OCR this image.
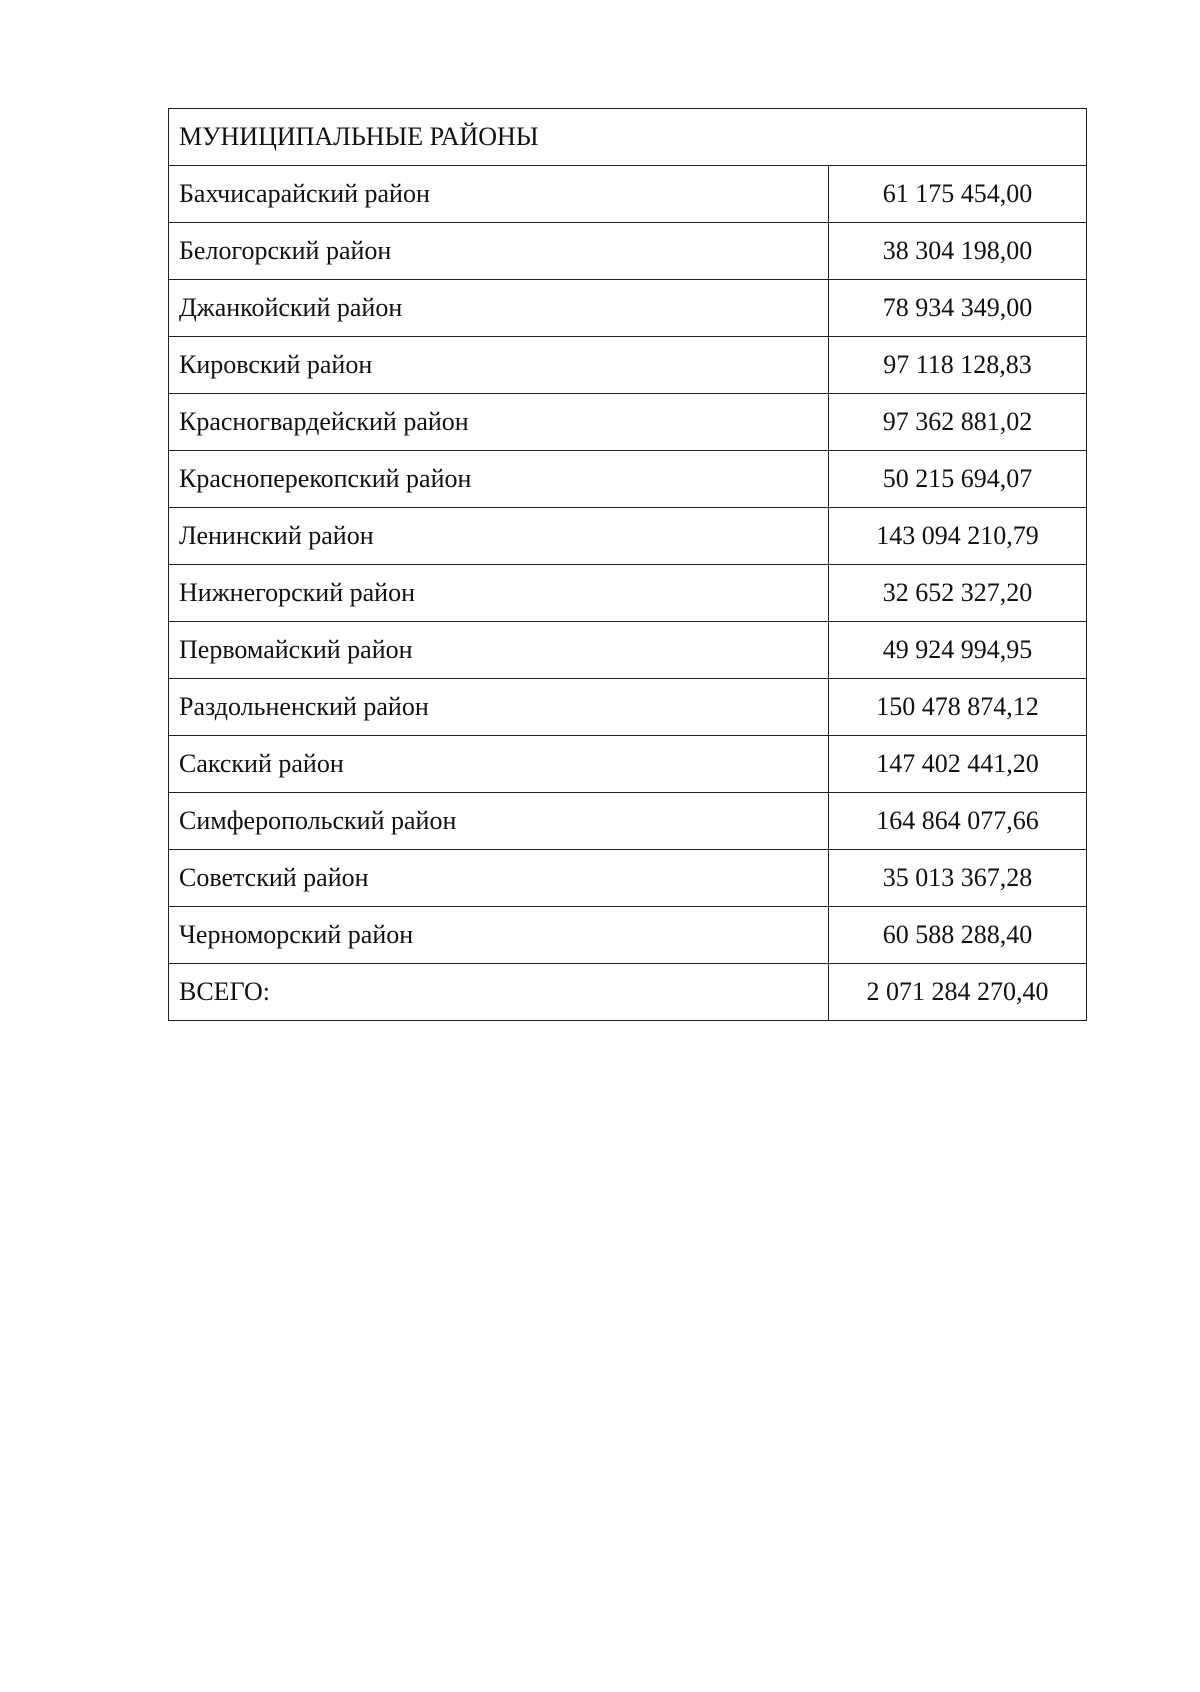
МУНИЦИПАЛЬНЫЕ РАЙОНЫ	
Бахчисарайский район	61 175 454,00
Белогорский район	38 304 198,00
Джанкойский район	78 934 349,00
Кировский район	97 118 128,83
Красногвардейский район	97 362 881,02
Красноперекопский район	50 215 694,07
Ленинский район	143 094 210,79
Нижнегорский район	32 652 327,20
Первомайский район	49 924 994,95
Раздольненский район	150 478 874,12
Сакский район	147 402 441,20
Симферопольский район	164 864 077,66
Советский район	35 013 367,28
Черноморский район	60 588 288,40
ВСЕГО:	2 071 284 270,40
